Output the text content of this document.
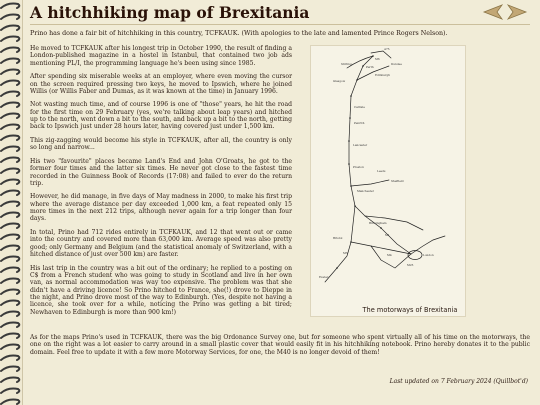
A hitchhiking map of Brexitania

Prino has done a fair bit of hitchhiking in this country, TCFKAUK. (With apologies to the late and lamented Prince Rogers Nelson).

He moved to TCFKAUK after his longest trip in October 1990, the result of finding a London-published magazine in a hostel in Istanbul, that contained two job ads mentioning PL/I, the programming language he's been using since 1985.

After spending six miserable weeks at an employer, where even moving the cursor on the screen required pressing two keys, he moved to Ipswich, where he joined Willis (or Willis Faber and Dumas, as it was known at the time) in January 1996.

Not wasting much time, and of course 1996 is one of "those" years, he hit the road for the first time on 29 February (yes, we're talking about leap years) and hitched up to the north, went down a bit to the south, and back up a bit to the north, getting back to Ipswich just under 28 hours later, having covered just under 1,500 km.

This zig-zagging would become his style in TCFKAUK, after all, the country is only so long and narrow...

His two "favourite" places became Land's End and John O'Groats, he got to the former four times and the latter six times. He never got close to the fastest time recorded in the Guinness Book of Records (17:08) and failed to ever do the return trip.

However, he did manage, in five days of May madness in 2000, to make his first trip where the average distance per day exceeded 1,000 km, a feat repeated only 15 more times in the next 212 trips, although never again for a trip longer than four days.

In total, Prino had 712 rides entirely in TCFKAUK, and 12 that went out or came into the country and covered more than 63,000 km. Average speed was also pretty good; only Germany and Belgium (and the statistical anomaly of Switzerland, with a hitched distance of just over 500 km) are faster.

His last trip in the country was a bit out of the ordinary; he replied to a posting on C$ from a French student who was going to study in Scotland and live in her own van, as normal accommodation was way too expensive. The problem was that she didn't have a driving licence! So Prino hitched to France, she(!) drove to Dieppe in the night, and Prino drove most of the way to Edinburgh. (Yes, despite not having a licence, she took over for a while, noticing the Prino was getting a bit tired; Newhaven to Edinburgh is more than 900 km!)

A75
M6
Stirling
Perth
Dundee
Edinburgh
Glasgow
Carlisle
Penrith
Lancaster
Preston
Leeds
Sheffield
Manchester
Birmingham
London
Bristol
Exeter
M1
M5	M4
M25

The motorways of Brexitania

As for the maps Prino's used in TCFKAUK, there was the big Ordonance Survey one, but for someone who spent virtually all of his time on the motorways, the one on the right was a lot easier to carry around in a small plastic cover that would easily fit in his hitchhiking notebook. Prino hereby donates it to the public domain. Feel free to update it with a few more Motorway Services, for one, the M40 is no longer devoid of them!

Last updated on 7 February 2024 (Quillbot'd)
